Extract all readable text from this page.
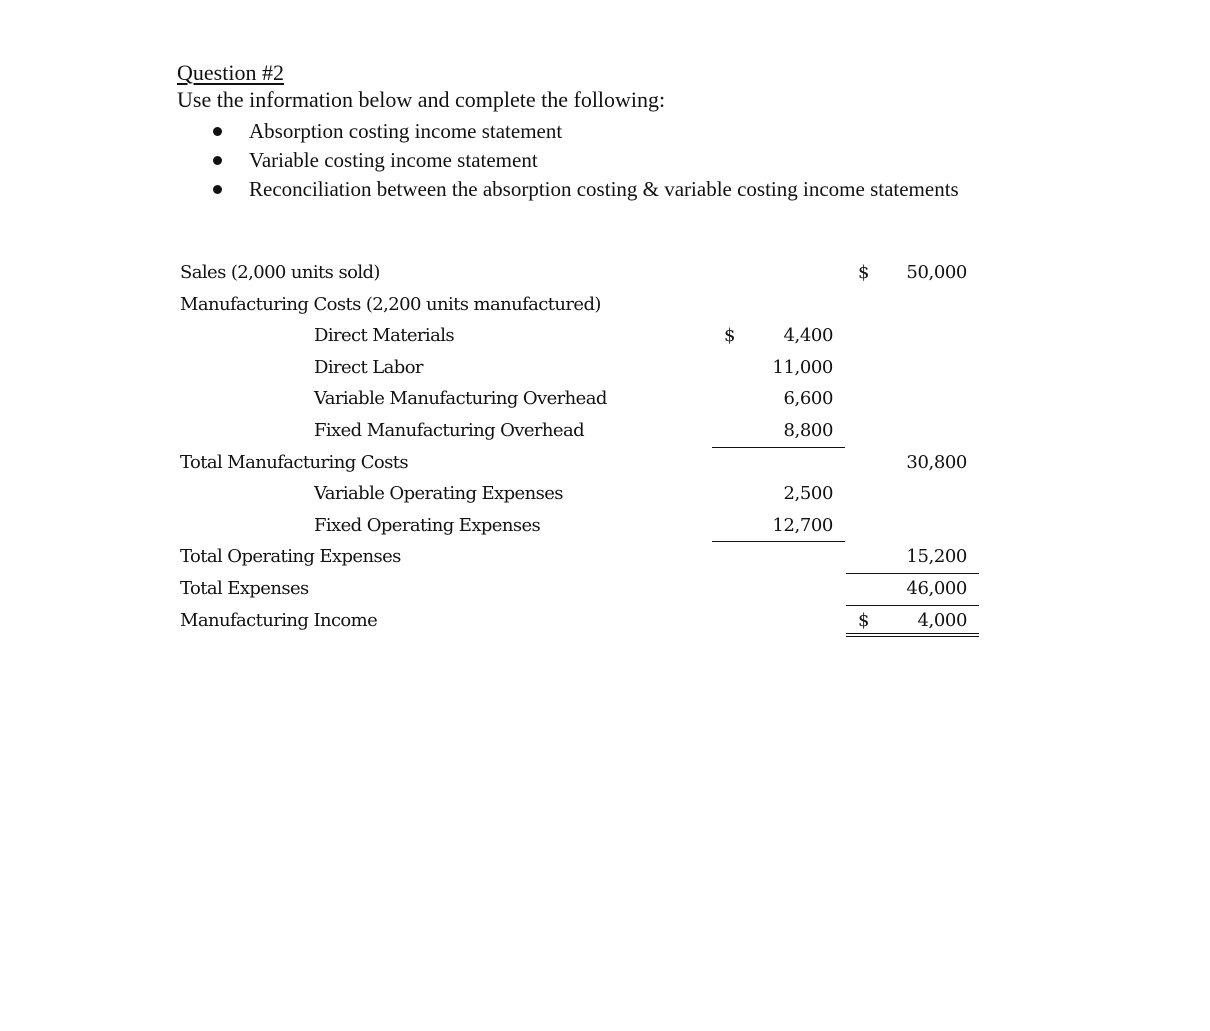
Question #2
Use the information below and complete the following:
Absorption costing income statement
Variable costing income statement
Reconciliation between the absorption costing & variable costing income statements
Sales (2,000 units sold)	$ 50,000
Manufacturing Costs (2,200 units manufactured)
Direct Materials	$	4,400
Direct Labor	11,000
Variable Manufacturing Overhead	6,600
Fixed Manufacturing Overhead	8,800
Total Manufacturing Costs	30,800
Variable Operating Expenses	2,500
Fixed Operating Expenses	12,700
Total Operating Expenses	15,200
Total Expenses	46,000
Manufacturing Income	$	4,000
